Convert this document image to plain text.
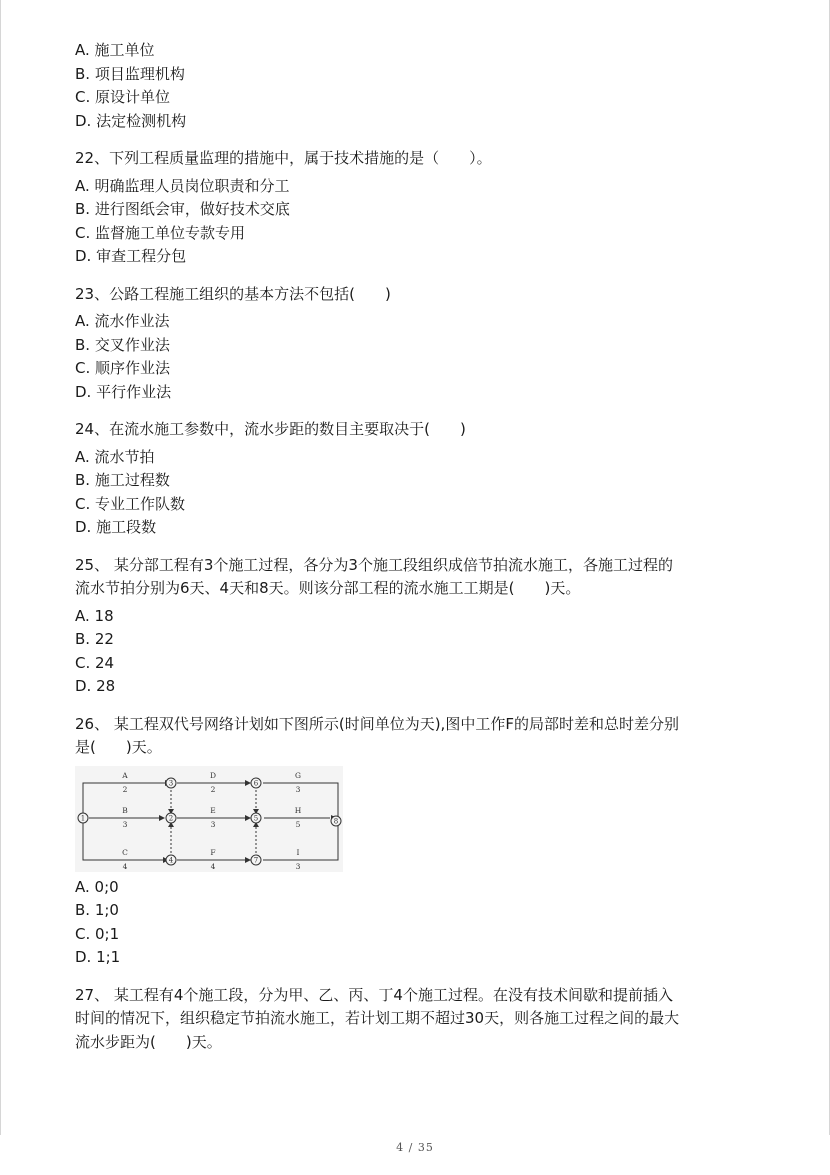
A. 施工单位

B. 项目监理机构

C. 原设计单位

D. 法定检测机构

22、下列工程质量监理的措施中，属于技术措施的是（　　）。

A. 明确监理人员岗位职责和分工

B. 进行图纸会审，做好技术交底

C. 监督施工单位专款专用

D. 审查工程分包

23、公路工程施工组织的基本方法不包括(　　)

A. 流水作业法

B. 交叉作业法

C. 顺序作业法

D. 平行作业法

24、在流水施工参数中，流水步距的数目主要取决于(　　)

A. 流水节拍

B. 施工过程数

C. 专业工作队数

D. 施工段数

25、 某分部工程有3个施工过程，各分为3个施工段组织成倍节拍流水施工，各施工过程的

流水节拍分别为6天、4天和8天。则该分部工程的流水施工工期是(　　)天。

A. 18

B. 22

C. 24

D. 28

26、 某工程双代号网络计划如下图所示(时间单位为天),图中工作F的局部时差和总时差分别

是(　　)天。

1	2
3
4
5
6
7
8
A
2
B
3
C
4
D
2
E
3
F
4
G
3
H
5
I
3

A. 0;0

B. 1;0

C. 0;1

D. 1;1

27、 某工程有4个施工段，分为甲、乙、丙、丁4个施工过程。在没有技术间歇和提前插入

时间的情况下，组织稳定节拍流水施工，若计划工期不超过30天，则各施工过程之间的最大

流水步距为(　　)天。

4 / 35
